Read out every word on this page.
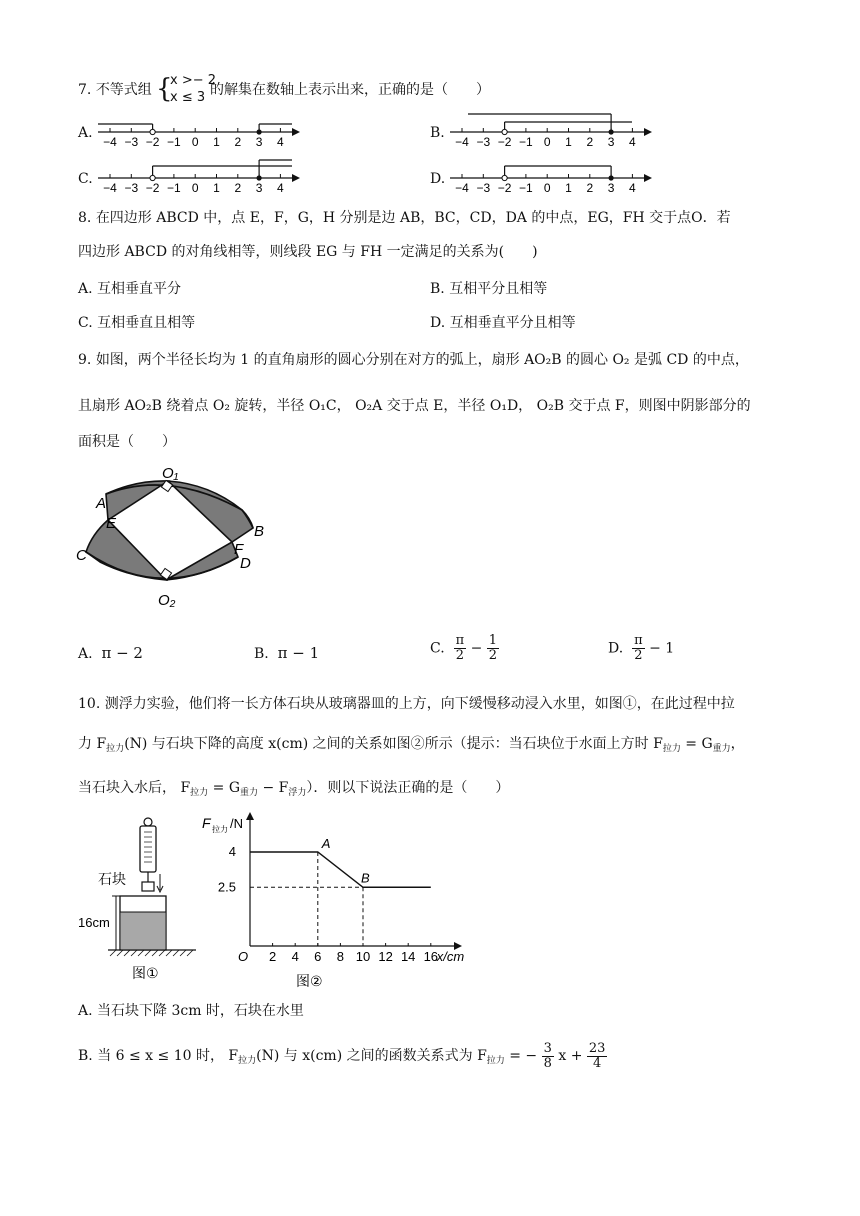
7. 不等式组 {
x >− 2
x ≤ 3 的解集在数轴上表示出来，正确的是（　　）
A.
−4 −3 −2 −1 0 1 2 3 4
B.
−4 −3 −2 −1 0 1 2 3 4
C.
−4 −3 −2 −1 0 1 2 3 4
D.
−4 −3 −2 −1 0 1 2 3 4
8. 在四边形 ABCD 中，点 E，F，G，H 分别是边 AB，BC，CD，DA 的中点，EG，FH 交于点O．若
四边形 ABCD 的对角线相等，则线段 EG 与 FH 一定满足的关系为(　　)
A. 互相垂直平分	B. 互相平分且相等
C. 互相垂直且相等	D. 互相垂直平分且相等
9. 如图，两个半径长均为 1 的直角扇形的圆心分别在对方的弧上，扇形 AO₂B 的圆心 O₂ 是弧 CD 的中点，
且扇形 AO₂B 绕着点 O₂ 旋转，半径 O₁C， O₂A 交于点 E，半径 O₁D， O₂B 交于点 F，则图中阴影部分的
面积是（　　）
O₁
O₂
A
E
C
B
F
D
A. π − 2	B. π − 1	C. $\frac{\pi}{2} - \frac{1}{2}$	D. $\frac{\pi}{2} - 1$
10. 测浮力实验，他们将一长方体石块从玻璃器皿的上方，向下缓慢移动浸入水里，如图①，在此过程中拉
力 $F_{拉力}(N)$ 与石块下降的高度 x(cm) 之间的关系如图②所示（提示：当石块位于水面上方时 $F_{拉力} = G_{重力}$，
当石块入水后， $F_{拉力} = G_{重力} - F_{浮力}$）．则以下说法正确的是（　　）
石块
16cm
图①
F 拉力 /N
2 4 6 8 10 12 14 16
O	x/cm
4
2.5
A
B
图②
A. 当石块下降 3cm 时，石块在水里
B. 当 6 ≤ x ≤ 10 时， $F_{拉力}(N)$ 与 x(cm) 之间的函数关系式为 $F_{拉力}$ = − $\frac{3}{8}$ $x + \frac{23}{4}$
